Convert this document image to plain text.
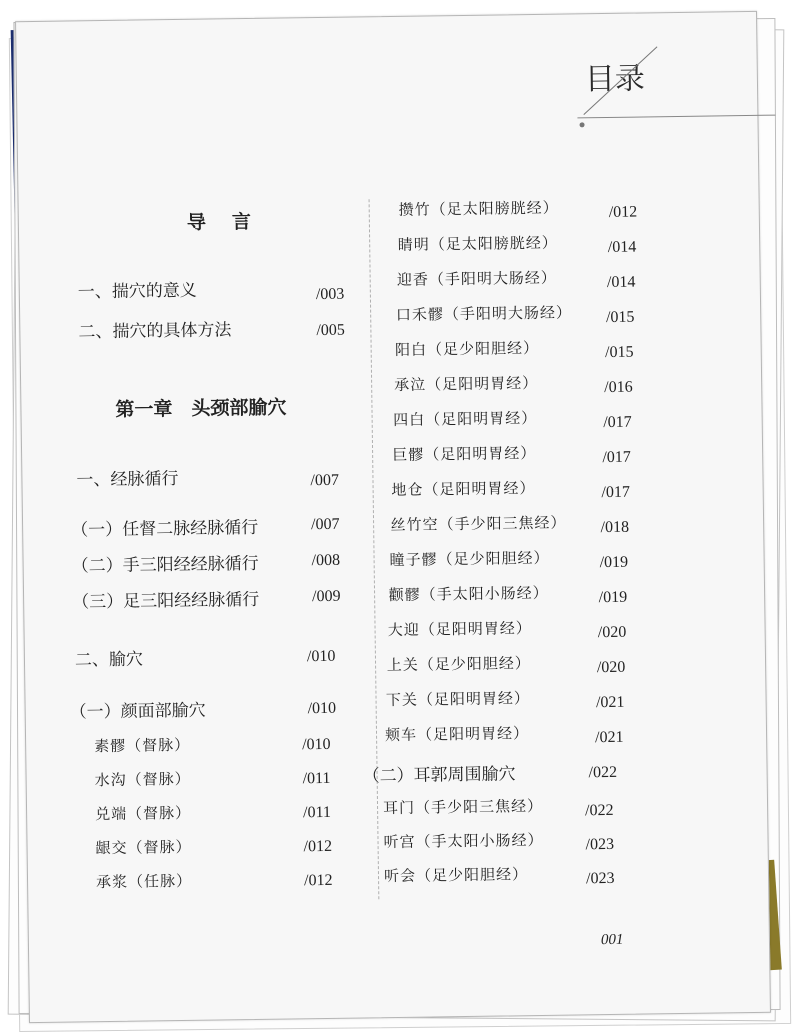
目录
导言
一、揣穴的意义	/003
二、揣穴的具体方法	/005
第一章　头颈部腧穴
一、经脉循行	/007
（一）任督二脉经脉循行	/007
（二）手三阳经经脉循行	/008
（三）足三阳经经脉循行	/009
二、腧穴	/010
（一）颜面部腧穴	/010
素髎（督脉）	/010
水沟（督脉）	/011
兑端（督脉）	/011
龈交（督脉）	/012
承浆（任脉）	/012
攒竹（足太阳膀胱经）	/012
睛明（足太阳膀胱经）	/014
迎香（手阳明大肠经）	/014
口禾髎（手阳明大肠经） /015
阳白（足少阳胆经）	/015
承泣（足阳明胃经）	/016
四白（足阳明胃经）	/017
巨髎（足阳明胃经）	/017
地仓（足阳明胃经）	/017
丝竹空（手少阳三焦经） /018
瞳子髎（足少阳胆经）	/019
颧髎（手太阳小肠经）	/019
大迎（足阳明胃经）	/020
上关（足少阳胆经）	/020
下关（足阳明胃经）	/021
颊车（足阳明胃经）	/021
（二）耳郭周围腧穴	/022
耳门（手少阳三焦经）	/022
听宫（手太阳小肠经）	/023
听会（足少阳胆经）	/023
001
